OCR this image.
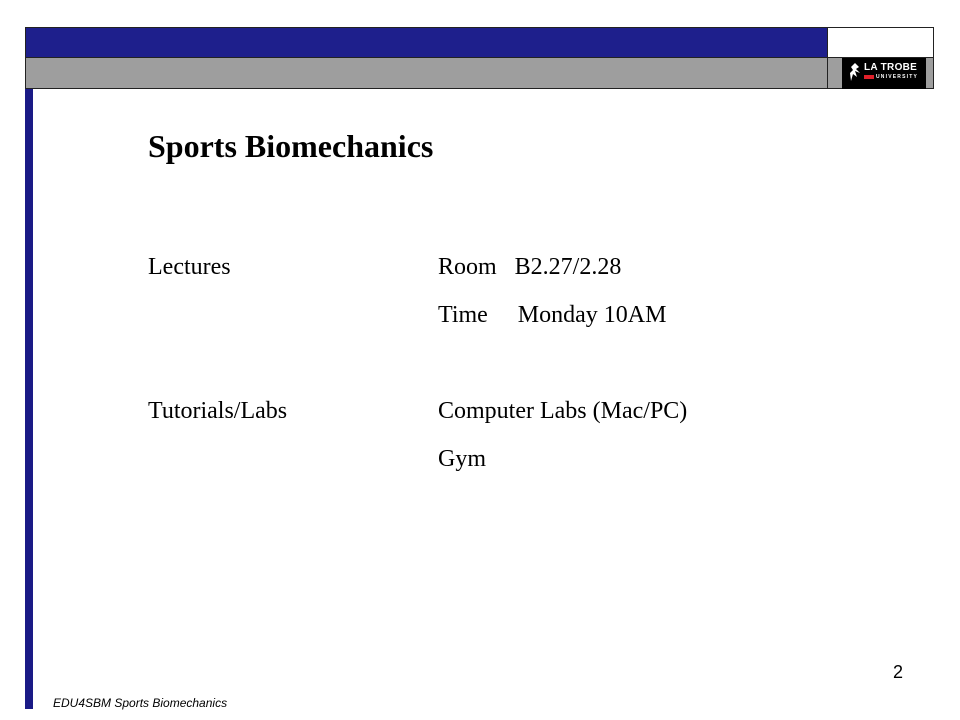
LA TROBE
UNIVERSITY
Sports Biomechanics
Lectures	Room   B2.27/2.28
Time     Monday 10AM
Tutorials/Labs	Computer Labs (Mac/PC)
Gym
2
EDU4SBM Sports Biomechanics
